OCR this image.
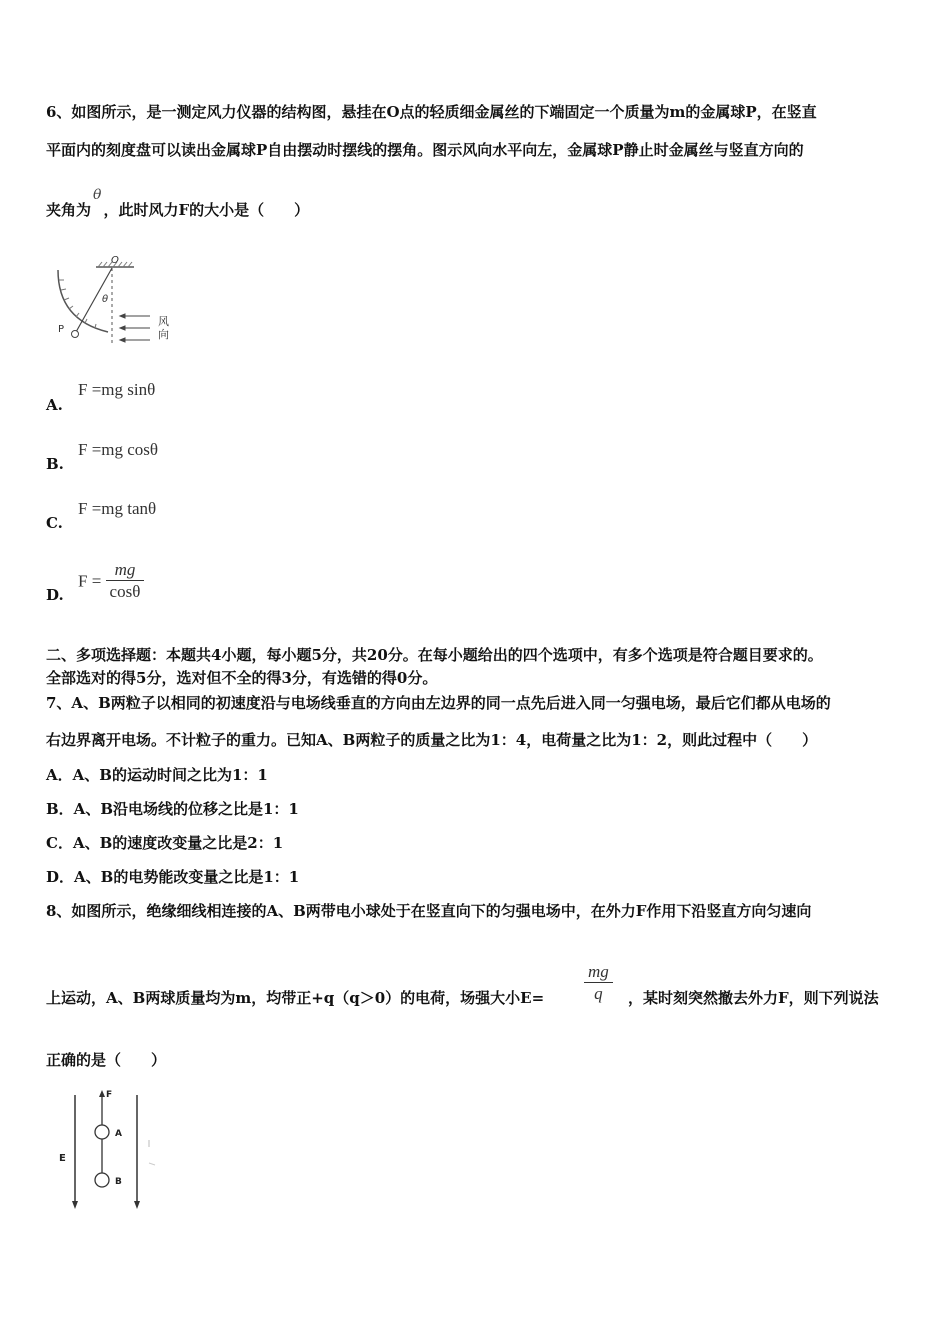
6、如图所示，是一测定风力仪器的结构图，悬挂在O点的轻质细金属丝的下端固定一个质量为m的金属球P，在竖直
平面内的刻度盘可以读出金属球P自由摆动时摆线的摆角。图示风向水平向左，金属球P静止时金属丝与竖直方向的
夹角为θ，此时风力F的大小是（　　）
O
θ
P
风
向
A.
F =mg sinθ
B.
F =mg cosθ
C.
F =mg tanθ
D.
$F = \frac{mg}{\cos\theta}$
二、多项选择题：本题共4小题，每小题5分，共20分。在每小题给出的四个选项中，有多个选项是符合题目要求的。
全部选对的得5分，选对但不全的得3分，有选错的得0分。
7、A、B两粒子以相同的初速度沿与电场线垂直的方向由左边界的同一点先后进入同一匀强电场，最后它们都从电场的
右边界离开电场。不计粒子的重力。已知A、B两粒子的质量之比为1：4，电荷量之比为1：2，则此过程中（　　）
A．A、B的运动时间之比为1：1
B．A、B沿电场线的位移之比是1：1
C．A、B的速度改变量之比是2：1
D．A、B的电势能改变量之比是1：1
8、如图所示，绝缘细线相连接的A、B两带电小球处于在竖直向下的匀强电场中，在外力F作用下沿竖直方向匀速向
上运动，A、B两球质量均为m，均带正+q（q＞0）的电荷，场强大小$E= \frac{mg}{q}$ ，某时刻突然撤去外力F，则下列说法
正确的是（　　）
E
F
A
B
